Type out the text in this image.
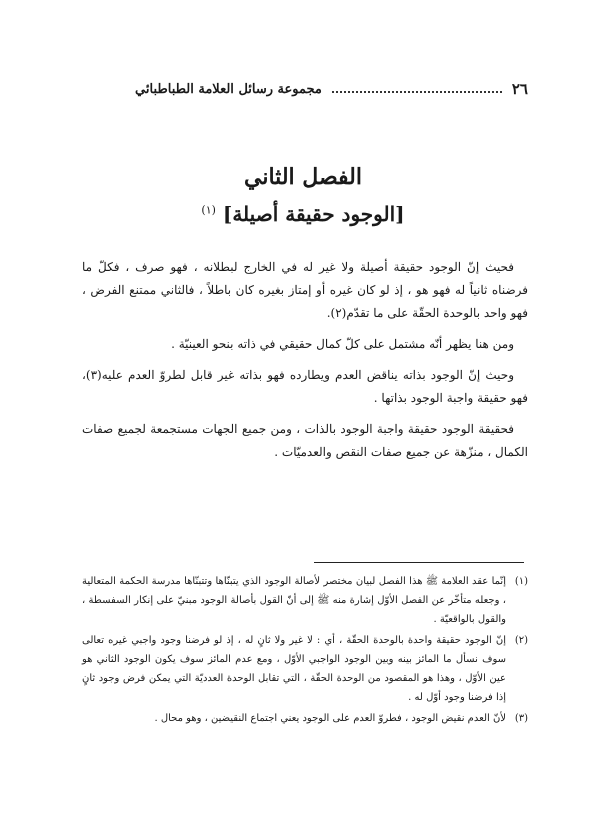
٢٦
مجموعة رسائل العلامة الطباطبائي
الفصل الثاني
[الوجود حقيقة أصيلة] $^{(١)}$

فحيث إنّ الوجود حقيقة أصيلة ولا غير له في الخارج لبطلانه ، فهو صرف ، فكلّ ما فرضناه ثانياً له فهو هو ، إذ لو كان غيره أو إمتاز بغيره كان باطلاً ، فالثاني ممتنع الفرض ، فهو واحد بالوحدة الحقّة على ما تقدّم(٢).

ومن هنا يظهر أنّه مشتمل على كلّ كمال حقيقي في ذاته بنحو العينيّة .

وحيث إنّ الوجود بذاته يناقض العدم ويطارده فهو بذاته غير قابل لطروّ العدم عليه(٣)، فهو حقيقة واجبة الوجود بذاتها .

فحقيقة الوجود حقيقة واجبة الوجود بالذات ، ومن جميع الجهات مستجمعة لجميع صفات الكمال ، منزّهة عن جميع صفات النقص والعدميّات .

(١)
إنّما عقد العلامة ﷺ هذا الفصل لبيان مختصر لأصالة الوجود الذي يتبنّاها وتتبنّاها مدرسة الحكمة المتعالية ، وجعله متأخّر عن الفصل الأوّل إشارة منه ﷺ إلى أنّ القول بأصالة الوجود مبنيّ على إنكار السفسطة ، والقول بالواقعيّة .
(٢)
إنّ الوجود حقيقة واحدة بالوحدة الحقّة ، أي : لا غير ولا ثانٍ له ، إذ لو فرضنا وجود واجبي غيره تعالى سوف نسأل ما المائز بينه وبين الوجود الواجبي الأوّل ، ومع عدم المائز سوف يكون الوجود الثاني هو عين الأوّل ، وهذا هو المقصود من الوحدة الحقّة ، التي تقابل الوحدة العدديّة التي يمكن فرض وجود ثانٍ إذا فرضنا وجود أوّل له .
(٣)
لأنّ العدم نقيض الوجود ، فطروّ العدم على الوجود يعني اجتماع النقيضين ، وهو محال .
